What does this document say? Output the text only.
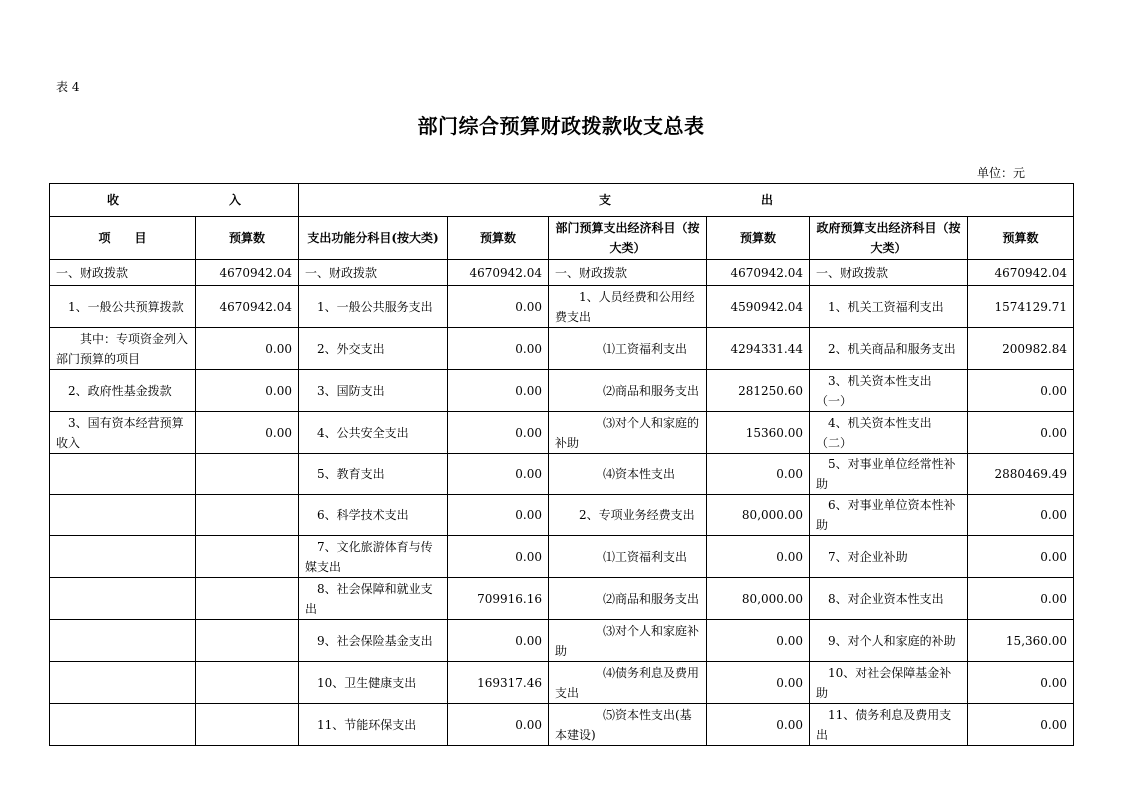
表 4
部门综合预算财政拨款收支总表
单位：元
收 入		支 出					
项　　目	预算数	支出功能分科目(按大类)	预算数	部门预算支出经济科目（按大类）	预算数	政府预算支出经济科目（按大类）	预算数
一、财政拨款	4670942.04	一、财政拨款	4670942.04	一、财政拨款	4670942.04	一、财政拨款	4670942.04
　1、一般公共预算拨款	4670942.04	　1、一般公共服务支出	0.00	　　1、人员经费和公用经费支出	4590942.04	　1、机关工资福利支出	1574129.71
　　其中：专项资金列入部门预算的项目	0.00	　2、外交支出	0.00	　　　　⑴工资福利支出	4294331.44	　2、机关商品和服务支出	200982.84
　2、政府性基金拨款	0.00	　3、国防支出	0.00	　　　　⑵商品和服务支出	281250.60	　3、机关资本性支出（一）	0.00
　3、国有资本经营预算收入	0.00	　4、公共安全支出	0.00	　　　　⑶对个人和家庭的补助	15360.00	　4、机关资本性支出（二）	0.00
		　5、教育支出	0.00	　　　　⑷资本性支出	0.00	　5、对事业单位经常性补助	2880469.49
		　6、科学技术支出	0.00	　　2、专项业务经费支出	80,000.00	　6、对事业单位资本性补助	0.00
		　7、文化旅游体育与传媒支出	0.00	　　　　⑴工资福利支出	0.00	　7、对企业补助	0.00
		　8、社会保障和就业支出	709916.16	　　　　⑵商品和服务支出	80,000.00	　8、对企业资本性支出	0.00
		　9、社会保险基金支出	0.00	　　　　⑶对个人和家庭补助	0.00	　9、对个人和家庭的补助	15,360.00
		　10、卫生健康支出	169317.46	　　　　⑷债务利息及费用支出	0.00	　10、对社会保障基金补助	0.00
		　11、节能环保支出	0.00	　　　　⑸资本性支出(基本建设)	0.00	　11、债务利息及费用支出	0.00
